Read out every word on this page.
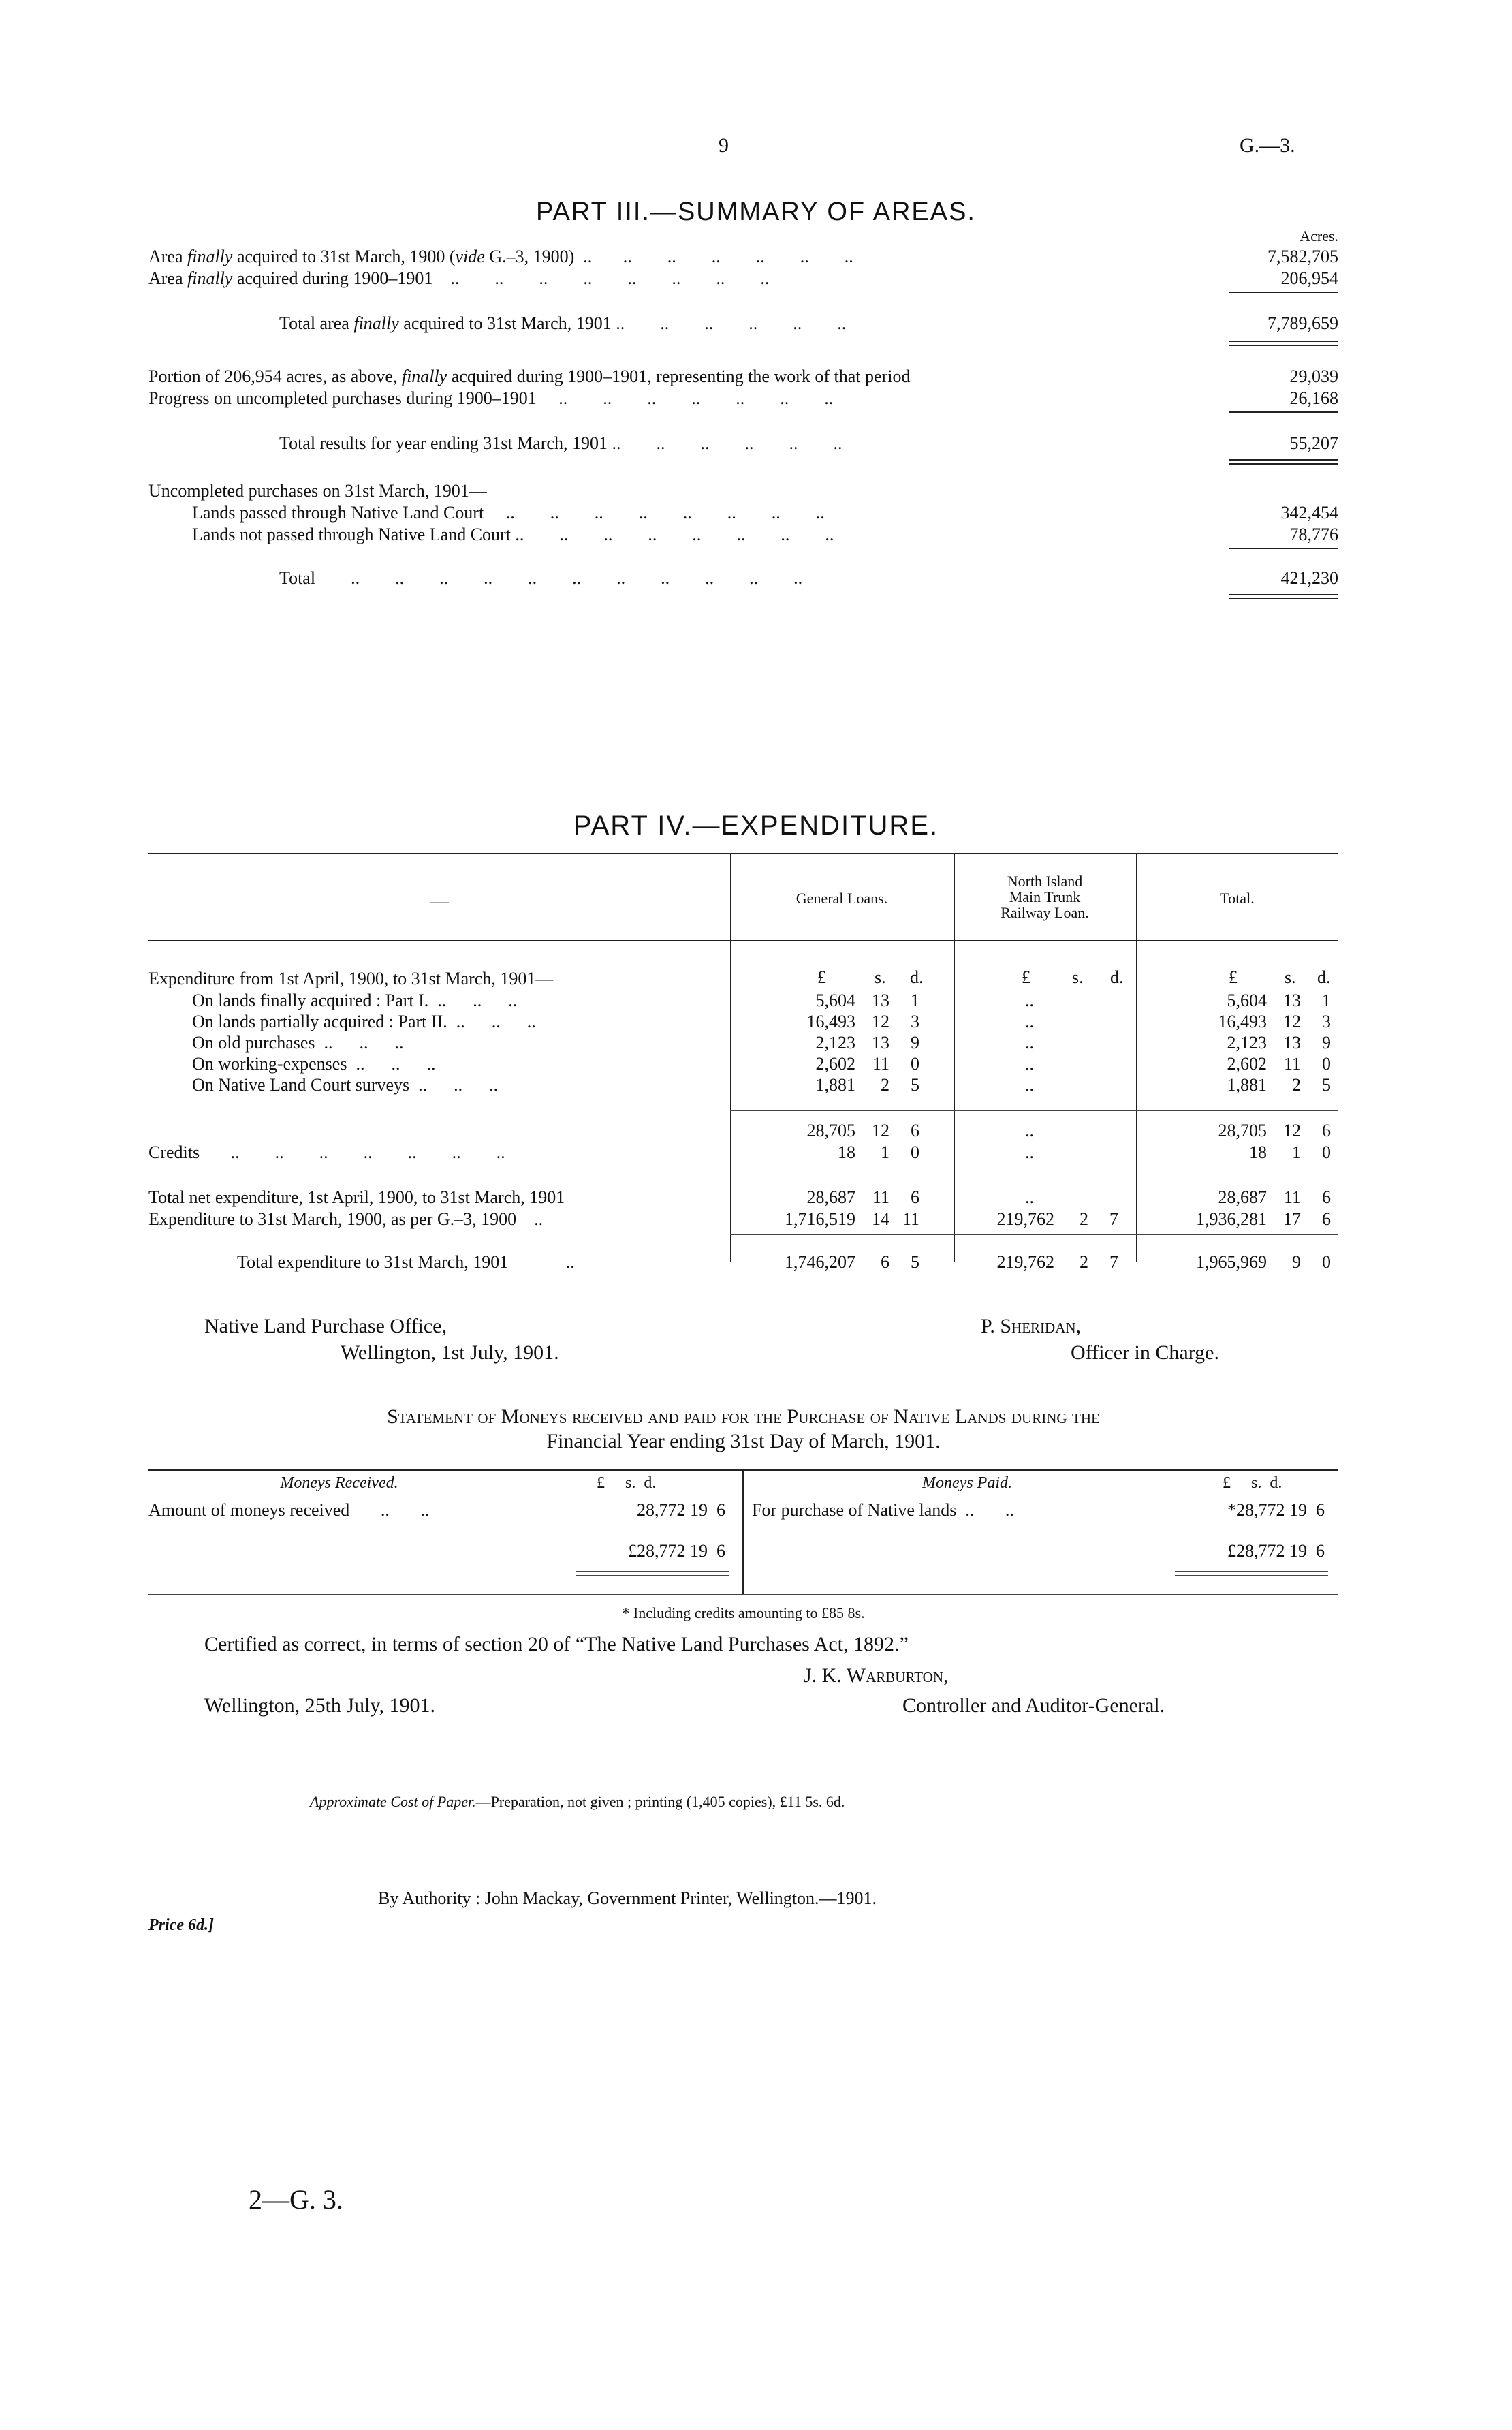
9	G.—3.
PART III.—SUMMARY OF AREAS.
Acres.
Area finally acquired to 31st March, 1900 (vide G.–3, 1900)  ..       ..        ..        ..        ..        ..        ..	7,582,705
Area finally acquired during 1900–1901    ..        ..        ..        ..        ..        ..        ..        ..	206,954
Total area finally acquired to 31st March, 1901 ..        ..        ..        ..        ..        ..	7,789,659
Portion of 206,954 acres, as above, finally acquired during 1900–1901, representing the work of that period	29,039
Progress on uncompleted purchases during 1900–1901     ..        ..        ..        ..        ..        ..        ..	26,168
Total results for year ending 31st March, 1901 ..        ..        ..        ..        ..        ..	55,207
Uncompleted purchases on 31st March, 1901—
Lands passed through Native Land Court     ..        ..        ..        ..        ..        ..        ..        ..	342,454
Lands not passed through Native Land Court ..        ..        ..        ..        ..        ..        ..        ..	78,776
Total        ..        ..        ..        ..        ..        ..        ..        ..        ..        ..        ..	421,230
PART IV.—EXPENDITURE.
—	General Loans.
North Island
Main Trunk
Railway Loan.
Total.
£	s. d.	£ s. d.	£	s. d.
Expenditure from 1st April, 1900, to 31st March, 1901—
On lands finally acquired : Part I.  ..      ..      ..	5,604 13	1	..	5,604 13	1
On lands partially acquired : Part II.  ..      ..      ..	16,493 12	3	..	16,493 12	3
On old purchases  ..      ..      ..	2,123 13	9	..	2,123 13	9
On working-expenses  ..      ..      ..	2,602 11	0	..	2,602 11	0
On Native Land Court surveys  ..      ..      ..	1,881	2	5	..	1,881	2	5
28,705 12	6	..	28,705 12	6
Credits       ..        ..        ..        ..        ..        ..        ..	18	1	0	..	18	1	0
Total net expenditure, 1st April, 1900, to 31st March, 1901	28,687 11	6	..	28,687 11	6
Expenditure to 31st March, 1900, as per G.–3, 1900    ..	1,716,519 14 11	219,762	2	7	1,936,281 17	6
Total expenditure to 31st March, 1901             ..	1,746,207	6	5	219,762	2	7	1,965,969	9	0
Native Land Purchase Office,
Wellington, 1st July, 1901.
P. Sheridan,
Officer in Charge.
Statement of Moneys received and paid for the Purchase of Native Lands during the
Financial Year ending 31st Day of March, 1901.
Moneys Received.	£     s.  d.	Moneys Paid.	£     s.  d.
Amount of moneys received       ..       ..	28,772 19  6 For purchase of Native lands  ..       ..	*28,772 19  6
£28,772 19  6	£28,772 19  6
* Including credits amounting to £85 8s.
Certified as correct, in terms of section 20 of “The Native Land Purchases Act, 1892.”
J. K. Warburton,
Wellington, 25th July, 1901.	Controller and Auditor-General.
Approximate Cost of Paper.—Preparation, not given ; printing (1,405 copies), £11 5s. 6d.
By Authority : John Mackay, Government Printer, Wellington.—1901.
Price 6d.]
2—G. 3.
